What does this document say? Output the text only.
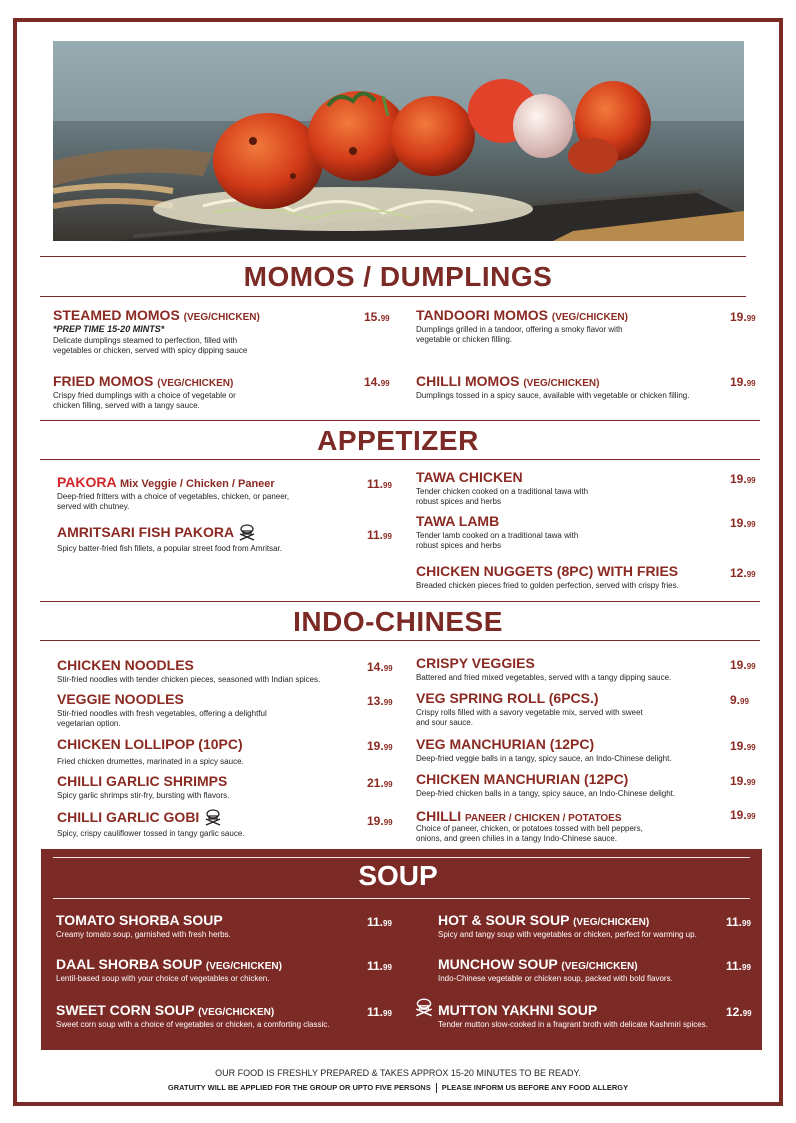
MOMOS / DUMPLINGS
STEAMED MOMOS (VEG/CHICKEN)
*PREP TIME 15-20 MINTS*
Delicate dumplings steamed to perfection, filled with
vegetables or chicken, served with spicy dipping sauce
15.99 TANDOORI MOMOS (VEG/CHICKEN)
Dumplings grilled in a tandoor, offering a smoky flavor with
vegetable or chicken filling.
19.99
FRIED MOMOS (VEG/CHICKEN)
Crispy fried dumplings with a choice of vegetable or
chicken filling, served with a tangy sauce.
14.99 CHILLI MOMOS (VEG/CHICKEN)
Dumplings tossed in a spicy sauce, available with vegetable or chicken filling.
19.99
APPETIZER
PAKORA Mix Veggie / Chicken / Paneer
Deep-fried fritters with a choice of vegetables, chicken, or paneer,
served with chutney.
11.99
AMRITSARI FISH PAKORA
Spicy batter-fried fish fillets, a popular street food from Amritsar.
11.99
TAWA CHICKEN
Tender chicken cooked on a traditional tawa with
robust spices and herbs
19.99
TAWA LAMB
Tender lamb cooked on a traditional tawa with
robust spices and herbs
19.99
CHICKEN NUGGETS (8PC) WITH FRIES
Breaded chicken pieces fried to golden perfection, served with crispy fries.
12.99
INDO-CHINESE
CHICKEN NOODLES
Stir-fried noodles with tender chicken pieces, seasoned with Indian spices.
14.99
VEGGIE NOODLES
Stir-fried noodles with fresh vegetables, offering a delightful
vegetarian option.
13.99
CHICKEN LOLLIPOP (10PC)
Fried chicken drumettes, marinated in a spicy sauce.
19.99
CHILLI GARLIC SHRIMPS
Spicy garlic shrimps stir-fry, bursting with flavors.
21.99
CHILLI GARLIC GOBI
Spicy, crispy cauliflower tossed in tangy garlic sauce.
19.99
CRISPY VEGGIES
Battered and fried mixed vegetables, served with a tangy dipping sauce.
19.99
VEG SPRING ROLL (6PCS.)
Crispy rolls filled with a savory vegetable mix, served with sweet
and sour sauce.
9.99
VEG MANCHURIAN (12PC)
Deep-fried veggie balls in a tangy, spicy sauce, an Indo-Chinese delight.
19.99
CHICKEN MANCHURIAN (12PC)
Deep-fried chicken balls in a tangy, spicy sauce, an Indo-Chinese delight.
19.99
CHILLI PANEER / CHICKEN / POTATOES
Choice of paneer, chicken, or potatoes tossed with bell peppers,
onions, and green chilies in a tangy Indo-Chinese sauce.
19.99
SOUP
TOMATO SHORBA SOUP
Creamy tomato soup, garnished with fresh herbs.
11.99
DAAL SHORBA SOUP (VEG/CHICKEN)
Lentil-based soup with your choice of vegetables or chicken.
11.99
SWEET CORN SOUP (VEG/CHICKEN)
Sweet corn soup with a choice of vegetables or chicken, a comforting classic.
11.99
HOT & SOUR SOUP (VEG/CHICKEN)
Spicy and tangy soup with vegetables or chicken, perfect for warming up.
11.99
MUNCHOW SOUP (VEG/CHICKEN)
Indo-Chinese vegetable or chicken soup, packed with bold flavors.
11.99
MUTTON YAKHNI SOUP
Tender mutton slow-cooked in a fragrant broth with delicate Kashmiri spices.
12.99
OUR FOOD IS FRESHLY PREPARED & TAKES APPROX 15-20 MINUTES TO BE READY.
GRATUITY WILL BE APPLIED FOR THE GROUP OR UPTO FIVE PERSONS PLEASE INFORM US BEFORE ANY FOOD ALLERGY
